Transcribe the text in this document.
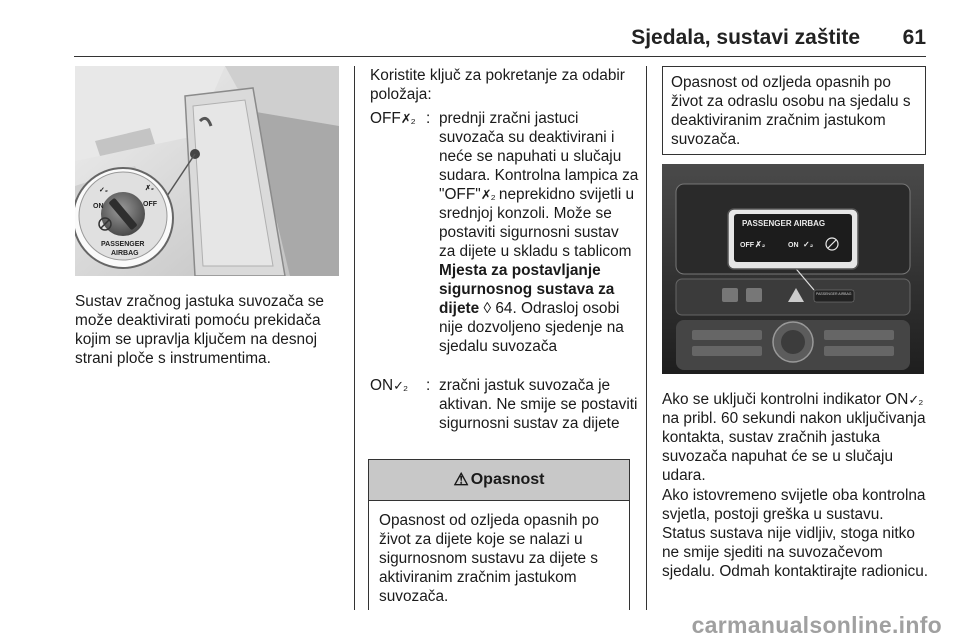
Sjedala, sustavi zaštite	61
✓₂	✗₂
ON	OFF
PASSENGER
AIRBAG
Sustav zračnog jastuka suvozača se može deaktivirati pomoću prekidača kojim se upravlja ključem na desnoj strani ploče s instrumentima.
Koristite ključ za pokretanje za odabir položaja:
OFF✗₂ : prednji zračni jastuci suvozača su deaktivirani i neće se napuhati u slučaju sudara. Kontrolna lampica za "OFF"✗₂ neprekidno svijetli u srednjoj konzoli. Može se postaviti sigurnosni sustav za dijete u skladu s tablicom Mjesta za postavljanje sigurnosnog sustava za dijete ◊ 64. Odrasloj osobi nije dozvoljeno sjedenje na sjedalu suvozača
ON✓₂	: zračni jastuk suvozača je aktivan. Ne smije se postaviti sigurnosni sustav za dijete
⚠ Opasnost
Opasnost od ozljeda opasnih po život za dijete koje se nalazi u sigurnosnom sustavu za dijete s aktiviranim zračnim jastukom suvozača.
Opasnost od ozljeda opasnih po život za odraslu osobu na sjedalu s deaktiviranim zračnim jastukom suvozača.
PASSENGER AIRBAG
PASSENGER AIRBAG
OFF ✗₂	ON ✓₂
Ako se uključi kontrolni indikator ON✓₂ na pribl. 60 sekundi nakon uključivanja kontakta, sustav zračnih jastuka suvozača napuhat će se u slučaju udara.
Ako istovremeno svijetle oba kontrolna svjetla, postoji greška u sustavu. Status sustava nije vidljiv, stoga nitko ne smije sjediti na suvozačevom sjedalu. Odmah kontaktirajte radionicu.
carmanualsonline.info
